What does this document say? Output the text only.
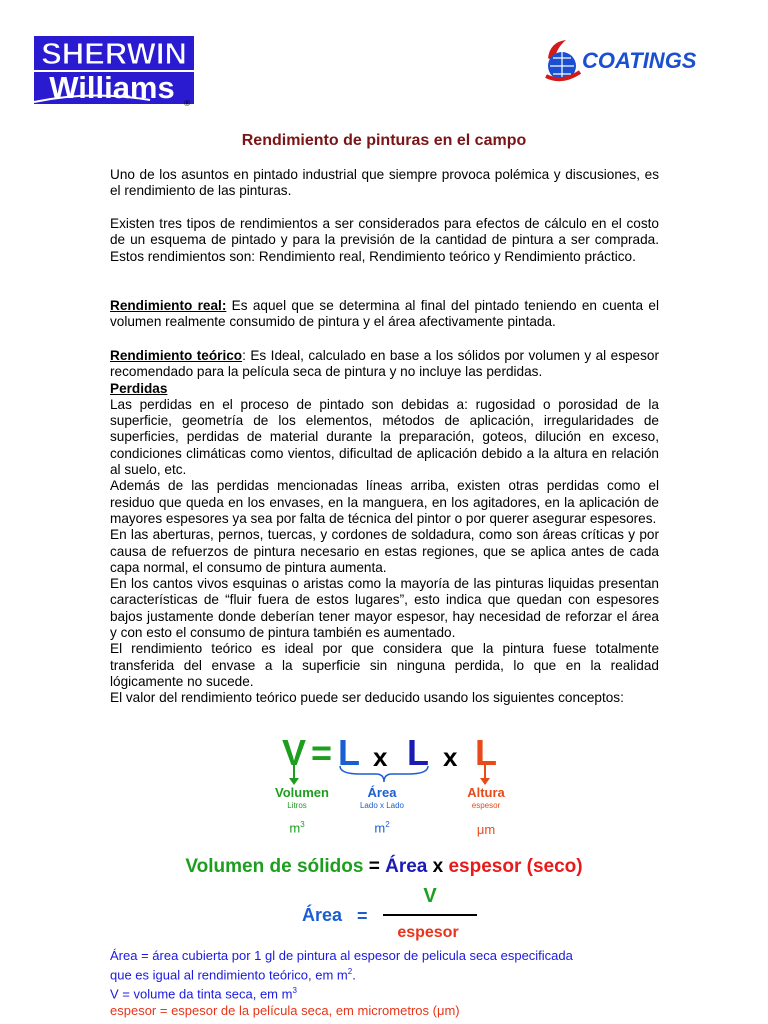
SHERWIN
Williams ®
COATINGS
Rendimiento de pinturas en el campo

Uno de los asuntos en pintado industrial que siempre provoca polémica y discusiones, es el rendimiento de las pinturas.

Existen tres tipos de rendimientos a ser considerados para efectos de cálculo en el costo de un esquema de pintado y para la previsión de la cantidad de pintura a ser comprada. Estos rendimientos son: Rendimiento real, Rendimiento teórico y Rendimiento práctico.

Rendimiento real: Es aquel que se determina al final del pintado teniendo en cuenta el volumen realmente consumido de pintura y el área afectivamente pintada.

Rendimiento teórico: Es Ideal, calculado en base a los sólidos por volumen y al espesor recomendado para la película seca de pintura y no incluye las perdidas.

Perdidas

Las perdidas en el proceso de pintado son debidas a: rugosidad o porosidad de la superficie, geometría de los elementos, métodos de aplicación, irregularidades de superficies, perdidas de material durante la preparación, goteos, dilución en exceso, condiciones climáticas como vientos, dificultad de aplicación debido a la altura en relación al suelo, etc.

Además de las perdidas mencionadas líneas arriba, existen otras perdidas como el residuo que queda en los envases, en la manguera, en los agitadores, en la aplicación de mayores espesores ya sea por falta de técnica del pintor o por querer asegurar espesores.

En las aberturas, pernos, tuercas, y cordones de soldadura, como son áreas críticas y por causa de refuerzos de pintura necesario en estas regiones, que se aplica antes de cada capa normal, el consumo de pintura aumenta.

En los cantos vivos esquinas o aristas como la mayoría de las pinturas liquidas presentan características de “fluir fuera de estos lugares”, esto indica que quedan con espesores bajos justamente donde deberían tener mayor espesor, hay necesidad de reforzar el área y con esto el consumo de pintura también es aumentado.

El rendimiento teórico es ideal por que considera que la pintura fuese totalmente transferida del envase a la superficie sin ninguna perdida, lo que en la realidad lógicamente no sucede.

El valor del rendimiento teórico puede ser deducido usando los siguientes conceptos:

V = L x L x L
Volumen
Litros
$m^3$
Área
Lado x Lado
$m^2$
Altura
espesor
μm
Volumen de sólidos = Área x espesor (seco)
Área =
V
espesor
Área = área cubierta por 1 gl de pintura al espesor de pelicula seca especificada
que es igual al rendimiento teórico, em $m^2$.
V = volume da tinta seca, em $m^3$
espesor = espesor de la película seca, em micrometros (μm)
